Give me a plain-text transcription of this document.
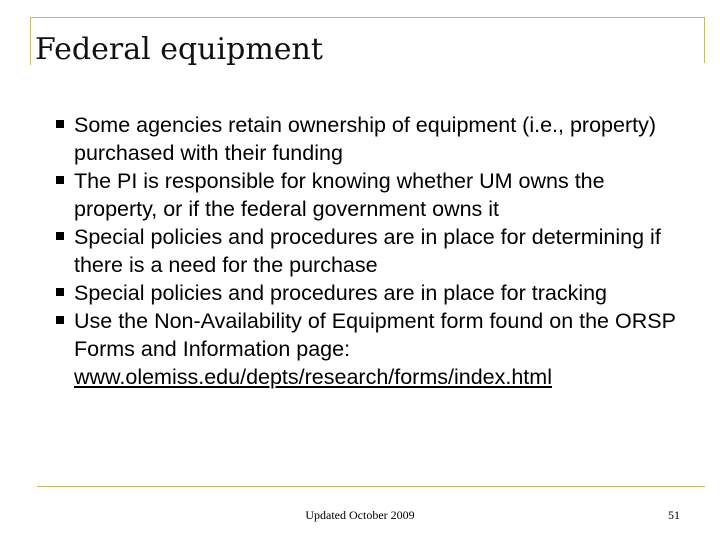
Federal equipment
Some agencies retain ownership of equipment (i.e., property) purchased with their funding
The PI is responsible for knowing whether UM owns the property, or if the federal government owns it
Special policies and procedures are in place for determining if there is a need for the purchase
Special policies and procedures are in place for tracking
Use the Non-Availability of Equipment form found on the ORSP Forms and Information page: www.olemiss.edu/depts/research/forms/index.html
Updated October 2009	51
